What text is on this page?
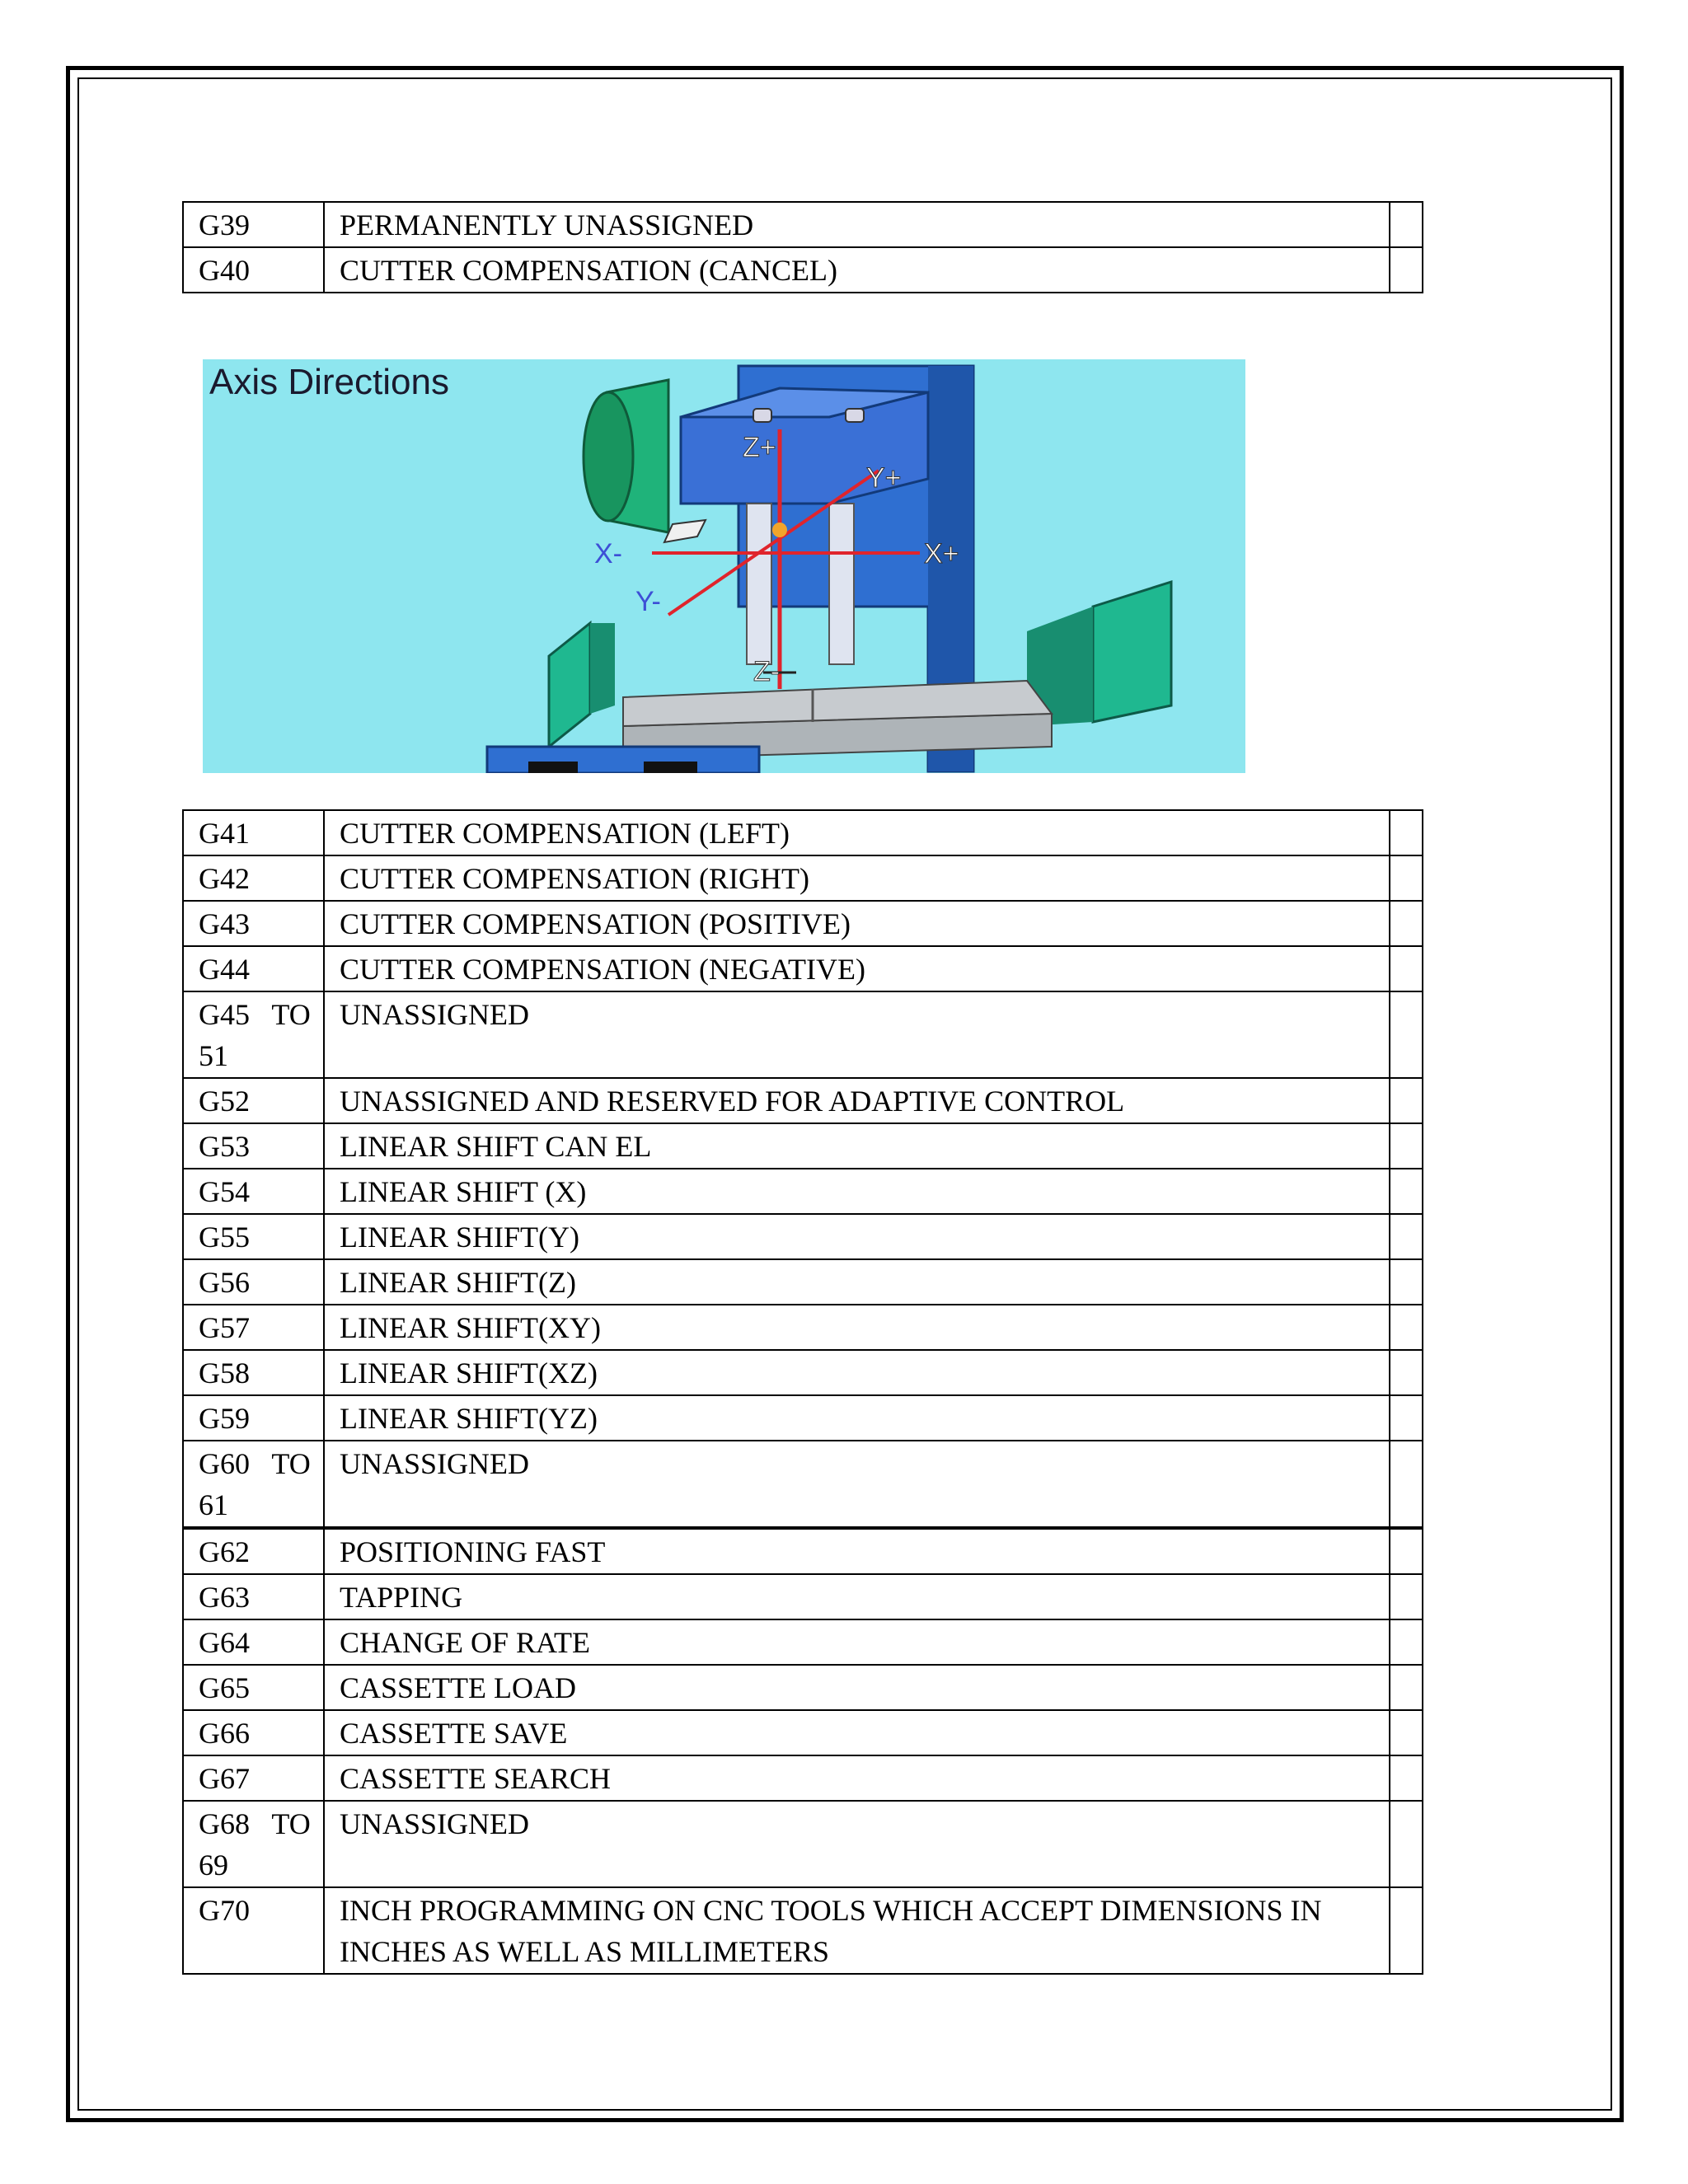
G39	PERMANENTLY UNASSIGNED	
G40	CUTTER COMPENSATION (CANCEL)	
Axis Directions
Z+
Y+
X-	X+
Y-
Z-
G41	CUTTER COMPENSATION (LEFT)	
G42	CUTTER COMPENSATION (RIGHT)	
G43	CUTTER COMPENSATION (POSITIVE)	
G44	CUTTER COMPENSATION (NEGATIVE)	
G45 TO 51	UNASSIGNED	
G52	UNASSIGNED AND RESERVED FOR ADAPTIVE CONTROL	
G53	LINEAR SHIFT CAN EL	
G54	LINEAR SHIFT (X)	
G55	LINEAR SHIFT(Y)	
G56	LINEAR SHIFT(Z)	
G57	LINEAR SHIFT(XY)	
G58	LINEAR SHIFT(XZ)	
G59	LINEAR SHIFT(YZ)	
G60 TO 61	UNASSIGNED	
G62	POSITIONING FAST	
G63	TAPPING	
G64	CHANGE OF RATE	
G65	CASSETTE LOAD	
G66	CASSETTE SAVE	
G67	CASSETTE SEARCH	
G68 TO 69	UNASSIGNED	
G70	INCH PROGRAMMING ON CNC TOOLS WHICH ACCEPT DIMENSIONS IN INCHES AS WELL AS MILLIMETERS	
